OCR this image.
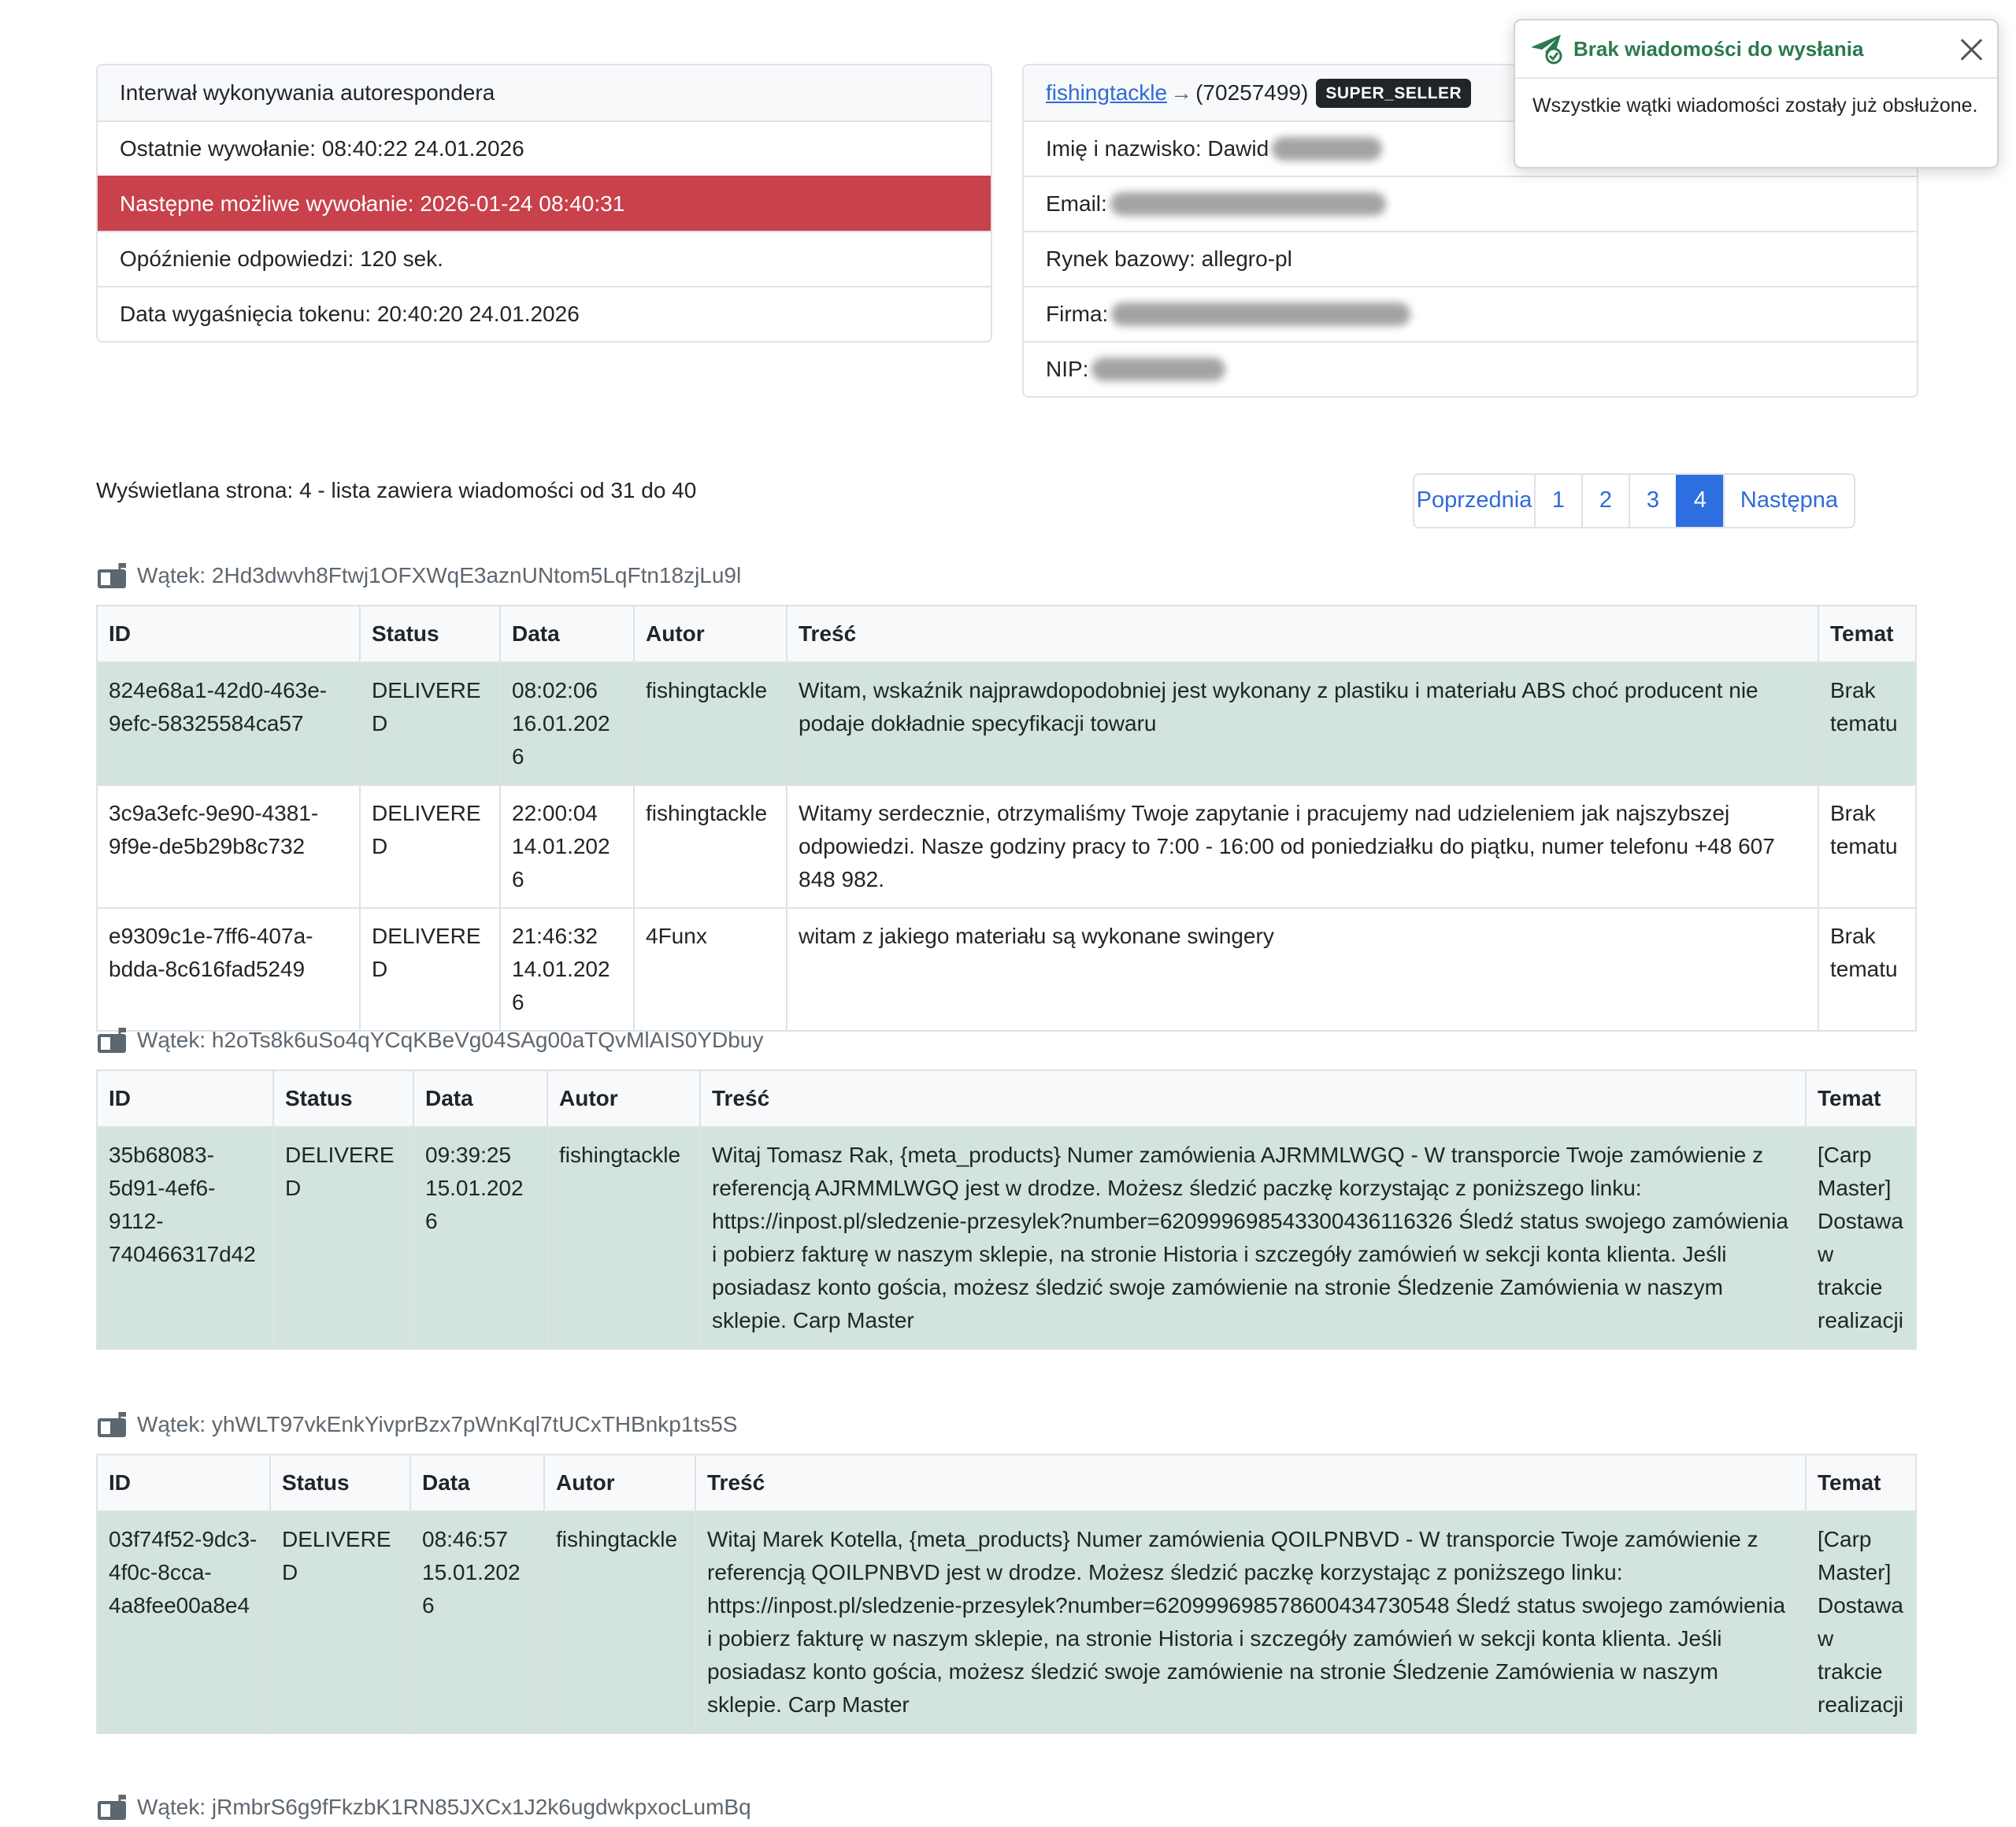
Interwał wykonywania autorespondera
Ostatnie wywołanie: 08:40:22 24.01.2026
Następne możliwe wywołanie: 2026-01-24 08:40:31
Opóźnienie odpowiedzi: 120 sek.
Data wygaśnięcia tokenu: 20:40:20 24.01.2026
fishingtackle → (70257499)	SUPER_SELLER
Imię i nazwisko: Dawid
Email:
Rynek bazowy: allegro-pl
Firma:
NIP:
Brak wiadomości do wysłania
Wszystkie wątki wiadomości zostały już obsłużone.
Wyświetlana strona: 4 - lista zawiera wiadomości od 31 do 40	Poprzednia 1	2	3	4	Następna
Wątek: 2Hd3dwvh8Ftwj1OFXWqE3aznUNtom5LqFtn18zjLu9l
ID	Status	Data	Autor	Treść	Temat
824e68a1-42d0-463e-9efc-58325584ca57	DELIVERED	08:02:06 16.01.2026	fishingtackle	Witam, wskaźnik najprawdopodobniej jest wykonany z plastiku i materiału ABS choć producent nie podaje dokładnie specyfikacji towaru	Brak tematu
3c9a3efc-9e90-4381-9f9e-de5b29b8c732	DELIVERED	22:00:04 14.01.2026	fishingtackle	Witamy serdecznie, otrzymaliśmy Twoje zapytanie i pracujemy nad udzieleniem jak najszybszej odpowiedzi. Nasze godziny pracy to 7:00 - 16:00 od poniedziałku do piątku, numer telefonu +48 607 848 982.	Brak tematu
e9309c1e-7ff6-407a-bdda-8c616fad5249	DELIVERED	21:46:32 14.01.2026	4Funx	witam z jakiego materiału są wykonane swingery	Brak tematu
Wątek: h2oTs8k6uSo4qYCqKBeVg04SAg00aTQvMlAIS0YDbuy
ID	Status	Data	Autor	Treść	Temat
35b68083-5d91-4ef6-9112-740466317d42	DELIVERED	09:39:25 15.01.2026	fishingtackle	Witaj Tomasz Rak, {meta_products} Numer zamówienia AJRMMLWGQ - W transporcie Twoje zamówienie z referencją AJRMMLWGQ jest w drodze. Możesz śledzić paczkę korzystając z poniższego linku: https://inpost.pl/sledzenie-przesylek?number=620999698543300436116326 Śledź status swojego zamówienia i pobierz fakturę w naszym sklepie, na stronie Historia i szczegóły zamówień w sekcji konta klienta. Jeśli posiadasz konto gościa, możesz śledzić swoje zamówienie na stronie Śledzenie Zamówienia w naszym sklepie. Carp Master	[Carp Master] Dostawa w trakcie realizacji
Wątek: yhWLT97vkEnkYivprBzx7pWnKql7tUCxTHBnkp1ts5S
ID	Status	Data	Autor	Treść	Temat
03f74f52-9dc3-4f0c-8cca-4a8fee00a8e4	DELIVERED	08:46:57 15.01.2026	fishingtackle	Witaj Marek Kotella, {meta_products} Numer zamówienia QOILPNBVD - W transporcie Twoje zamówienie z referencją QOILPNBVD jest w drodze. Możesz śledzić paczkę korzystając z poniższego linku: https://inpost.pl/sledzenie-przesylek?number=620999698578600434730548 Śledź status swojego zamówienia i pobierz fakturę w naszym sklepie, na stronie Historia i szczegóły zamówień w sekcji konta klienta. Jeśli posiadasz konto gościa, możesz śledzić swoje zamówienie na stronie Śledzenie Zamówienia w naszym sklepie. Carp Master	[Carp Master] Dostawa w trakcie realizacji
Wątek: jRmbrS6g9fFkzbK1RN85JXCx1J2k6ugdwkpxocLumBq
